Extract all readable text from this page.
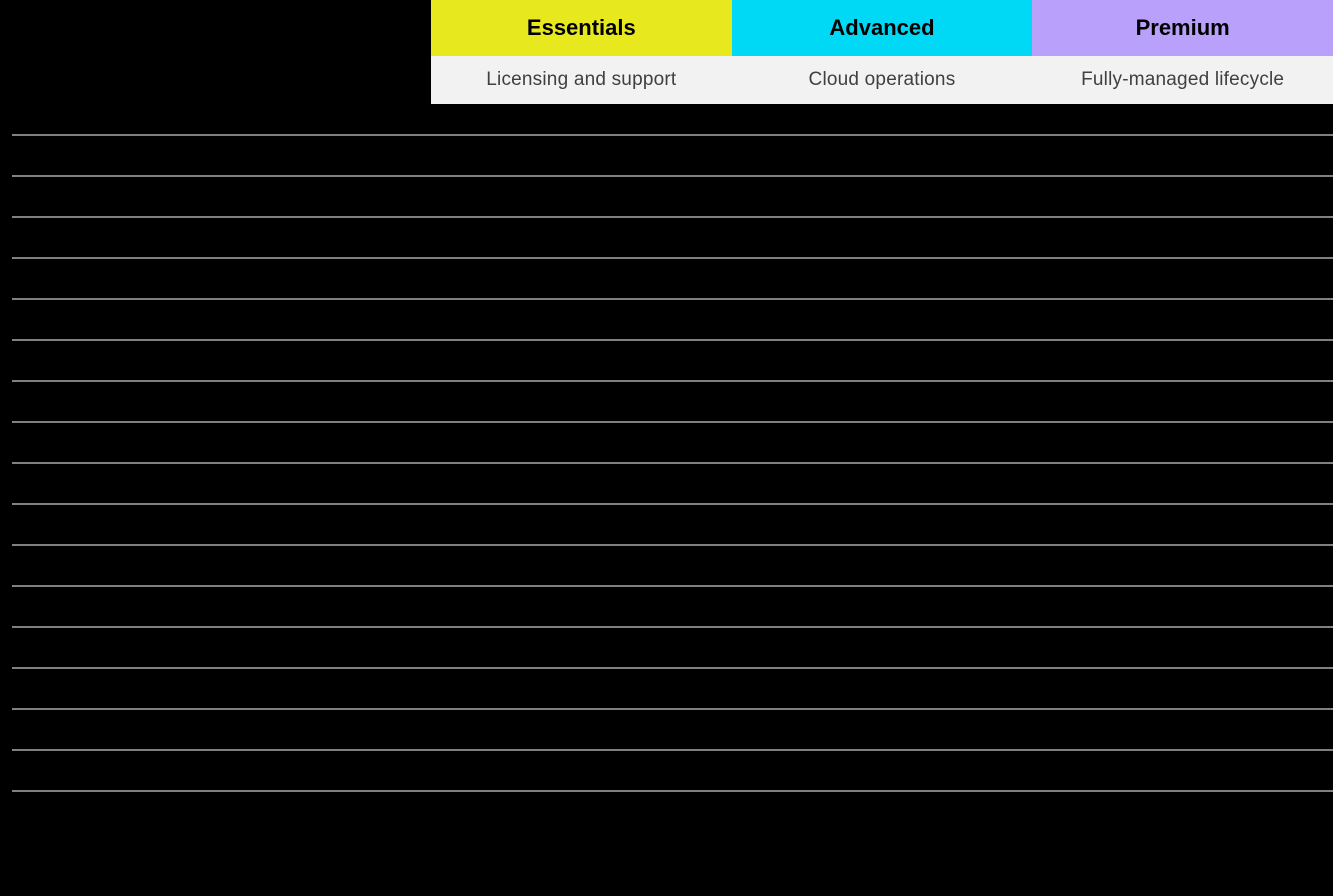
Essentials	Advanced	Premium
Licensing and support	Cloud operations	Fully-managed lifecycle
